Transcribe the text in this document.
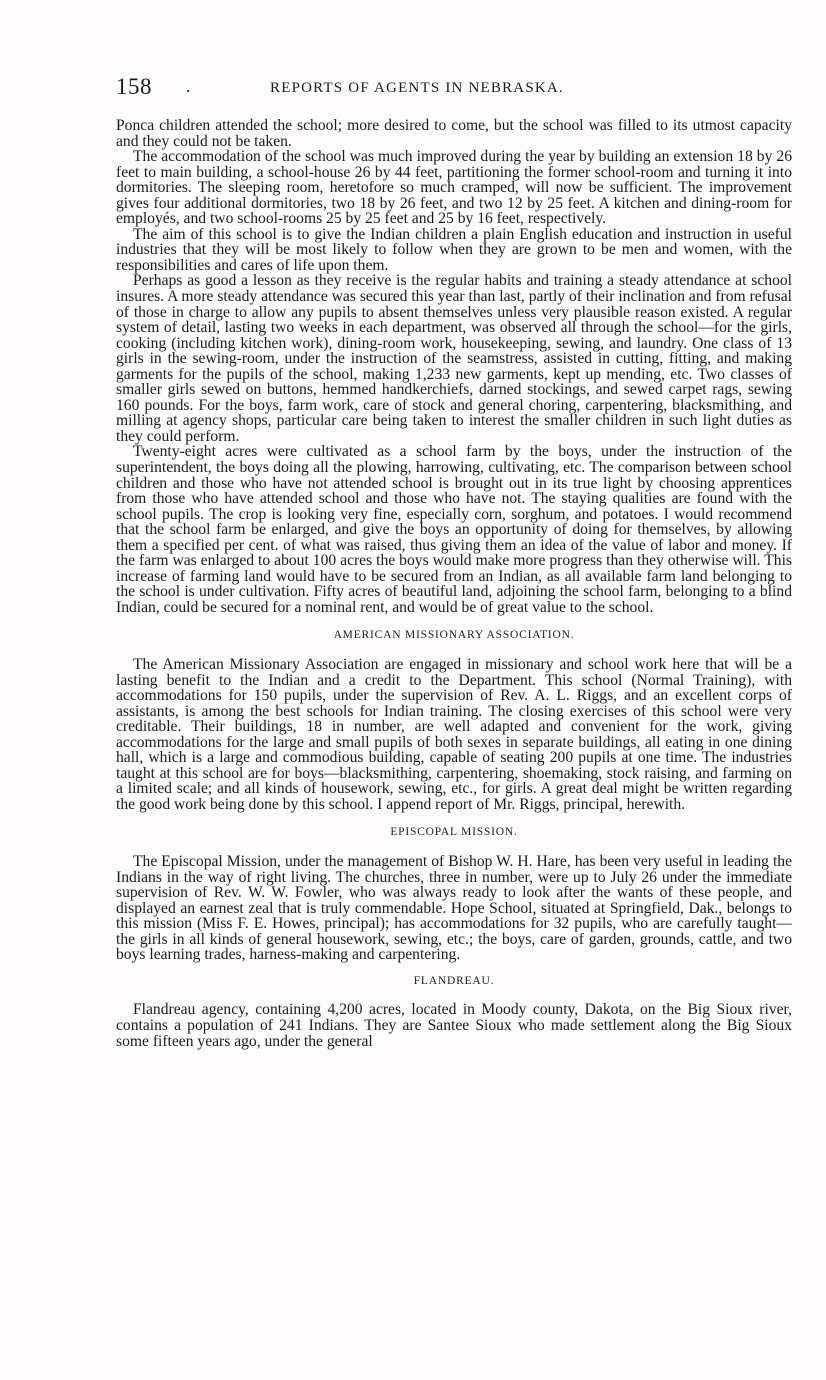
158 .	REPORTS OF AGENTS IN NEBRASKA.

Ponca children attended the school; more desired to come, but the school was filled to its utmost capacity and they could not be taken.

The accommodation of the school was much improved during the year by building an extension 18 by 26 feet to main building, a school-house 26 by 44 feet, partitioning the former school-room and turning it into dormitories. The sleeping room, heretofore so much cramped, will now be sufficient. The improvement gives four additional dormitories, two 18 by 26 feet, and two 12 by 25 feet. A kitchen and dining-room for employés, and two school-rooms 25 by 25 feet and 25 by 16 feet, respectively.

The aim of this school is to give the Indian children a plain English education and instruction in useful industries that they will be most likely to follow when they are grown to be men and women, with the responsibilities and cares of life upon them.

Perhaps as good a lesson as they receive is the regular habits and training a steady attendance at school insures. A more steady attendance was secured this year than last, partly of their inclination and from refusal of those in charge to allow any pupils to absent themselves unless very plausible reason existed. A regular system of detail, lasting two weeks in each department, was observed all through the school—for the girls, cooking (including kitchen work), dining-room work, housekeeping, sewing, and laundry. One class of 13 girls in the sewing-room, under the instruction of the seamstress, assisted in cutting, fitting, and making garments for the pupils of the school, making 1,233 new garments, kept up mending, etc. Two classes of smaller girls sewed on buttons, hemmed handkerchiefs, darned stockings, and sewed carpet rags, sewing 160 pounds. For the boys, farm work, care of stock and general choring, carpentering, blacksmithing, and milling at agency shops, particular care being taken to interest the smaller children in such light duties as they could perform.

Twenty-eight acres were cultivated as a school farm by the boys, under the instruction of the superintendent, the boys doing all the plowing, harrowing, cultivating, etc. The comparison between school children and those who have not attended school is brought out in its true light by choosing apprentices from those who have attended school and those who have not. The staying qualities are found with the school pupils. The crop is looking very fine, especially corn, sorghum, and potatoes. I would recommend that the school farm be enlarged, and give the boys an opportunity of doing for themselves, by allowing them a specified per cent. of what was raised, thus giving them an idea of the value of labor and money. If the farm was enlarged to about 100 acres the boys would make more progress than they otherwise will. This increase of farming land would have to be secured from an Indian, as all available farm land belonging to the school is under cultivation. Fifty acres of beautiful land, adjoining the school farm, belonging to a blind Indian, could be secured for a nominal rent, and would be of great value to the school.

AMERICAN MISSIONARY ASSOCIATION.

The American Missionary Association are engaged in missionary and school work here that will be a lasting benefit to the Indian and a credit to the Department. This school (Normal Training), with accommodations for 150 pupils, under the supervision of Rev. A. L. Riggs, and an excellent corps of assistants, is among the best schools for Indian training. The closing exercises of this school were very creditable. Their buildings, 18 in number, are well adapted and convenient for the work, giving accommodations for the large and small pupils of both sexes in separate buildings, all eating in one dining hall, which is a large and commodious building, capable of seating 200 pupils at one time. The industries taught at this school are for boys—blacksmithing, carpentering, shoemaking, stock raising, and farming on a limited scale; and all kinds of housework, sewing, etc., for girls. A great deal might be written regarding the good work being done by this school. I append report of Mr. Riggs, principal, herewith.

EPISCOPAL MISSION.

The Episcopal Mission, under the management of Bishop W. H. Hare, has been very useful in leading the Indians in the way of right living. The churches, three in number, were up to July 26 under the immediate supervision of Rev. W. W. Fowler, who was always ready to look after the wants of these people, and displayed an earnest zeal that is truly commendable. Hope School, situated at Springfield, Dak., belongs to this mission (Miss F. E. Howes, principal); has accommodations for 32 pupils, who are carefully taught—the girls in all kinds of general housework, sewing, etc.; the boys, care of garden, grounds, cattle, and two boys learning trades, harness-making and carpentering.

FLANDREAU.

Flandreau agency, containing 4,200 acres, located in Moody county, Dakota, on the Big Sioux river, contains a population of 241 Indians. They are Santee Sioux who made settlement along the Big Sioux some fifteen years ago, under the general
